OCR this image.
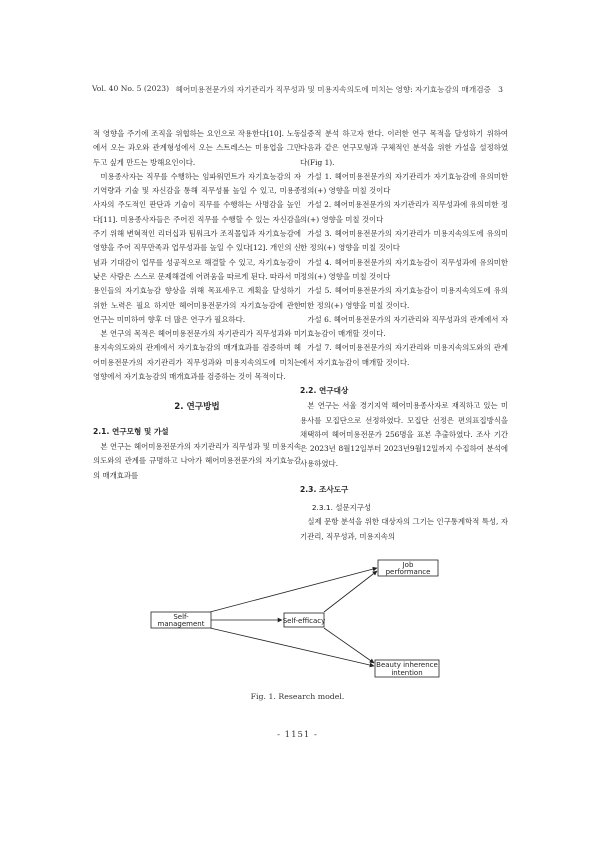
Vol. 40 No. 5 (2023) 헤어미용전문가의 자기관리가 직무성과 및 미용지속의도에 미치는 영향: 자기효능감의 매개검증 3

적 영향을 주기에 조직을 위협하는 요인으로 작용한다[10]. 노동에서 오는 과오와 관계형성에서 오는 스트레스는 미용업을 그만두고 싶게 만드는 방해요인이다.

미용종사자는 직무를 수행하는 임파워먼트가 자기효능감의 자기역량과 기술 및 자신감을 통해 직무성률 높일 수 있고, 미용종사자의 주도적인 판단과 기술이 직무를 수행하는 사명감을 높인다[11]. 미용종사자들은 주어진 직무를 수행할 수 있는 자신감을 주기 위해 변혁적인 리더십과 팀워크가 조직몰입과 자기효능감에 영향을 주어 직무만족과 업무성과를 높일 수 있다[12]. 개인의 신념과 기대감이 업무를 성공적으로 해결할 수 있고, 자기효능감이 낮은 사람은 스스로 문제해결에 어려움을 따르게 된다. 따라서 미용인들의 자기효능감 향상을 위해 목표세우고 계획을 달성하기 위한 노력은 필요 하지만 헤어미용전문가의 자기효능감에 관한 연구는 미미하여 향후 더 많은 연구가 필요하다.

본 연구의 목적은 헤어미용전문가의 자기관리가 직무성과와 미용지속의도와의 관계에서 자기효능감의 매개효과를 검증하며 헤어미용전문가의 자기관리가 직무성과와 미용지속의도에 미치는 영향에서 자기효능감의 매개효과를 검증하는 것이 목적이다.

2. 연구방법
2.1. 연구모형 및 가설

본 연구는 헤어미용전문가의 자기관리가 직무성과 및 미용지속의도와의 관계를 규명하고 나아가 헤어미용전문가의 자기효능감의 매개효과를

실증적 분석 하고자 한다. 이러한 연구 목적을 달성하기 위하여 다음과 같은 연구모형과 구체적인 분석을 위한 가설을 설정하였다(Fig 1).

가설 1. 헤어미용전문가의 자기관리가 자기효능감에 유의미한 정의(+) 영향을 미칠 것이다

가설 2. 헤어미용전문가의 자기관리가 직무성과에 유의미한 정의(+) 영향을 미칠 것이다

가설 3. 헤어미용전문가의 자기관리가 미용지속의도에 유의미한 정의(+) 영향을 미칠 것이다

가설 4. 헤어미용전문가의 자기효능감이 직무성과에 유의미한 정의(+) 영향을 미칠 것이다

가설 5. 헤어미용전문가의 자기효능감이 미용지속의도에 유의미한 정의(+) 영향을 미칠 것이다.

가설 6. 헤어미용전문가의 자기관리와 직무성과의 관계에서 자기효능감이 매개할 것이다.

가설 7. 헤어미용전문가의 자기관리와 미용지속의도와의 관계에서 자기효능감이 매개할 것이다.

2.2. 연구대상

본 연구는 서울 경기지역 헤어미용종사자로 재직하고 있는 미용사를 모집단으로 선정하였다. 모집단 선정은 편의표집방식을 채택하여 헤어미용전문가 256명을 표본 추출하였다. 조사 기간은 2023년 8월12일부터 2023년9월12일까지 수집하여 분석에 사용하였다.

2.3. 조사도구
2.3.1. 설문지구성

실제 문항 분석을 위한 대상자의 그기는 인구통계학적 특성, 자기관리, 직무성과, 미용지속의

Self-
management	Self-efficacy
Job
performance
Beauty inherence
intention
Fig. 1. Research model.
- 1151 -
